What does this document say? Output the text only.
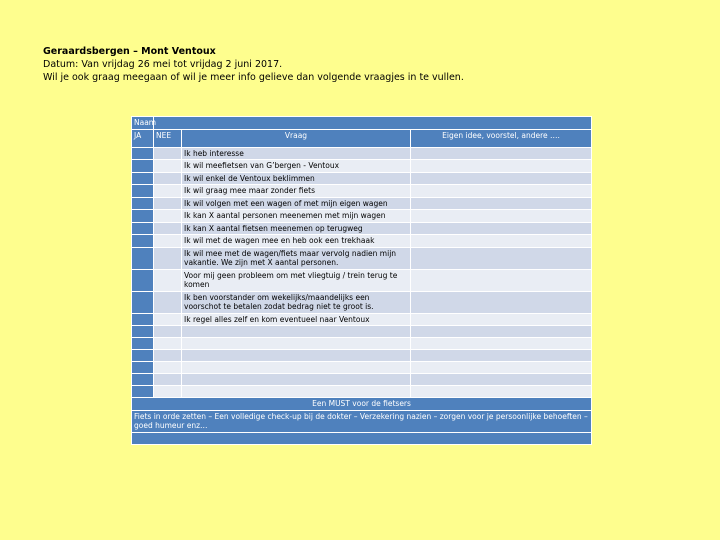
Geraardsbergen – Mont Ventoux
Datum: Van vrijdag 26 mei tot vrijdag 2 juni 2017.
Wil je ook graag meegaan of wil je meer info gelieve dan volgende vraagjes in te vullen.
Naam			
JA	NEE	Vraag	Eigen idee, voorstel, andere ….
		Ik heb interesse	
		Ik wil meefietsen van G’bergen - Ventoux	
		Ik wil enkel de Ventoux beklimmen	
		Ik wil graag mee maar zonder fiets	
		Ik wil volgen met een wagen of met mijn eigen wagen	
		Ik kan X aantal personen meenemen met mijn wagen	
		Ik kan X aantal fietsen meenemen op terugweg	
		Ik wil met de wagen mee en heb ook een trekhaak	
		Ik wil mee met de wagen/fiets maar vervolg nadien mijn vakantie. We zijn met X aantal personen.	
		Voor mij geen probleem om met vliegtuig / trein terug te komen	
		Ik ben voorstander om wekelijks/maandelijks een voorschot te betalen zodat bedrag niet te groot is.	
		Ik regel alles zelf en kom eventueel naar Ventoux	

Een MUST voor de fietsers			
Fiets in orde zetten – Een volledige check-up bij de dokter – Verzekering nazien – zorgen voor je persoonlijke behoeften – goed humeur enz…			
